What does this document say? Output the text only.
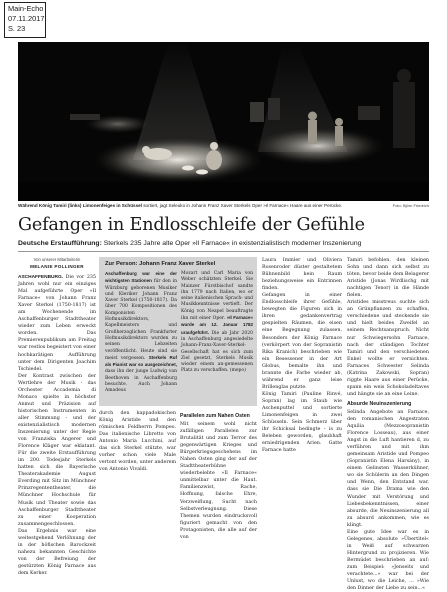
Main-Echo
07.11.2017
S. 23
Während König Tamiri (links) Limonenfeiges in Schüssel sortiert, jagt Seleuko in Johann Franz Xaver Sterkels Oper »Il Farnace« Haare aus einer Perücke.	Foto: Björn Friedrich
Gefangen in Endlosschleife der Gefühle
Deutsche Erstaufführung: Sterkels 235 Jahre alte Oper »Il Farnace« in existenzialistisch moderner Inszenierung
Von unserer Mitarbeiterin
MELANIE POLLINGER

ASCHAFFENBURG. Die vor 235 Jahren wohl nur ein einziges Mal aufgeführte Oper »Il Farnace« von Johann Franz Xaver Sterkel (1750-1817) ist am Wochenende im Aschaffenburger Stadttheater wieder zum Leben erweckt worden. Das Premierenpublikum am Freitag war restlos begeistert von einer hochkarätigen Aufführung unter dem Dirigenten Joachim Tschiedel.

Der Kontrast zwischen der Wertlehre der Musik - das Orchester Accademia di Monaco spielte in höchster Anmut und Präzision auf historischen Instrumenten in aller Stimmung - und der existenzialistisch modernen Inszenierung unter der Regie von Franziska Angerer und Florence Kläger war eklatant. Für die zweite Erstaufführung im 200. Todesjahr Sterkels hatten sich die Bayerische Theaterakademie August Everding mit Sitz im Münchner Prinzregententheater, die Münchner Hochschule für Musik und Theater sowie das Aschaffenburger Stadttheater zu einer Kooperation zusammengeschlossen.

Das Ergebnis war eine weitestgehend Verlöhnung der in der höfischen Barockzeit nahezu bekannten Geschichte von der Befreiung der gestürzten König Farnace aus dem Kerker.

Zur Person: Johann Franz Xaver Sterkel
Aschaffenburg war eine der wichtigsten Stationen für den in Würzburg geborenen Musiker und Kleriker Johann Franz Xaver Sterkel (1750-1817). Da über 700 Kompositionen des Komponisten Hofmusikdirektors, Kapellmeisters und Großherzoglichen Frankfurter Hofmusikdirektors wurden zu seinen Lebzeiten veröffentlicht. Heute sind sie meist vergessen. Sterkels Ruf als Pianist war so ausgezeichnet, dass ihn der junge Ludwig van Beethoven in Aschaffenburg besuchte. Auch Johann Amadeus
Mozart und Carl Maria von Weber schätzten Sterkel. Sie Mainzer Fürstbischof sandte ihn 1779 nach Italien, wo er seine italienischen Sprach- und Musikkenntnisse vertieft. Der König von Neapel beauftragte ihn mit einer Oper. »Il Farnace« wurde am 12. Januar 1782 uraufgeführt. Die ab Jahr 2020 in Aschaffenburg angesiedelte Johann-Franz-Xaver-Sterkel-Gesellschaft hat es sich zum Ziel gesetzt, Sterkels Musik wieder einem an-gemessenen Platz zu verschaffen. (mepo)

durch den kappadokischen König Aristide und den römischen Feldherrn Pompeo. Das italienische Libretto von Antonio Maria Lucchini, auf das sich Sterkel stützte, war vorher schon viele Male vertont worden, unter anderem von Antonio Vivaldi.

Parallelen zum Nahen Osten

Mit seinem wohl nicht zufälligen Parallelen zur Brutalität und zum Terror des gegenwärtigen Krieges und Bürgerkriegsgeschehens im Nahen Osten ging der auf der Stadttheaterbühne wiederbelebte »Il Farnace« unmittelbar unter die Haut. Familienzwist, Rache, Hoffnung, falsche Ehre, Verzweiflung, Sucht nach Selbstverleugnung. Diese Themen wurden eindrucksvoll figuriert gemacht von den Protagonisten, die alle auf der von

Laura Immler und Oliviera Rosenroder düster gestaltetem Bühnenbild kein Raum beziehungsweise ein Entrinnen finden.

Gefangen in einer Endlosschleife ihrer Gefühle, bewegten die Figuren sich in ihren gedankenvertrag gespielten Räumen, die eisen eine Begegnung zulassen. Besonders der König Farnace (verkörpert von der Sopranistin Rika Kranich) beschrieben wie ein Besessener in der Art Globus, bemalte ihn und brannte die Farbe wieder ab, während er ganz leise Brillenglas putzte.

König Tamiri (Pauline Rinvé, Sopran) lag im Staub wie Aschenputtel und sortierte Limonenfeigen in zwei Schüsseln. Sein Schmerz über ihr Schicksal bedingte - is zu Beleben geworden, glaubhaft erniedrigenden Arien. Gatte Farnace hatte

Tamiri befohlen, den kleinen Sohn und dann sich selbst zu töten, bevor beide dem Belagerer Aristide (Jonas Wirdlischg mit nachtigen Tenor) in die Hände fielen.

Aristides misstreus suchte sich an Grünpflanzen zu schaffen, verschiedene und steckende sie und hielt beides Zweifel an seinem Rechtsanspruch. Nicht nur Schwiegersohn Farnace, nach der ständigen Tochter Tamiri und den verschiedenen Enkel wollte er vernichten. Farnaces Schwester Selinda (Katrina Zakowski, Sopran) riggte Haare aus einer Perücke, spann ein weis Schokoladeltaves und hängte sie an eine Leine.

Absurde Neuinszenierung

Selinda Angebote an Farnace, den romanischen Angestraten Aquilia (Mezzosopranistin Florence Losseau), aus einer Angst in die Luft hantieren d, zu verführen und mit ihm gemeinsam Aristide und Pompeo (Sopranistin Elena Harsány), in einem Gelinsten Wasserkühner, wo sie Schülerin an den Dingen und Wenn, den Entstand war, dass sie Die Drama wie den Wunder mit Verstörung und Liebesbekenntnissen, einer absurde, die Neuinszenierung all zu absurd ankommen, wie es klingt.

Eine gute Idee war es in Gelegenes, absolute »Übertitel« in Weiß auf schwarzen Hintergrund zu projizieren. Wie Bermüdet beschrieben an auf: zum Beispiel: »Jenseits und verachtete...» war bei der Unlust, wo die Leiche, ... »Wie den Dinner der Liebe zu sein...«
